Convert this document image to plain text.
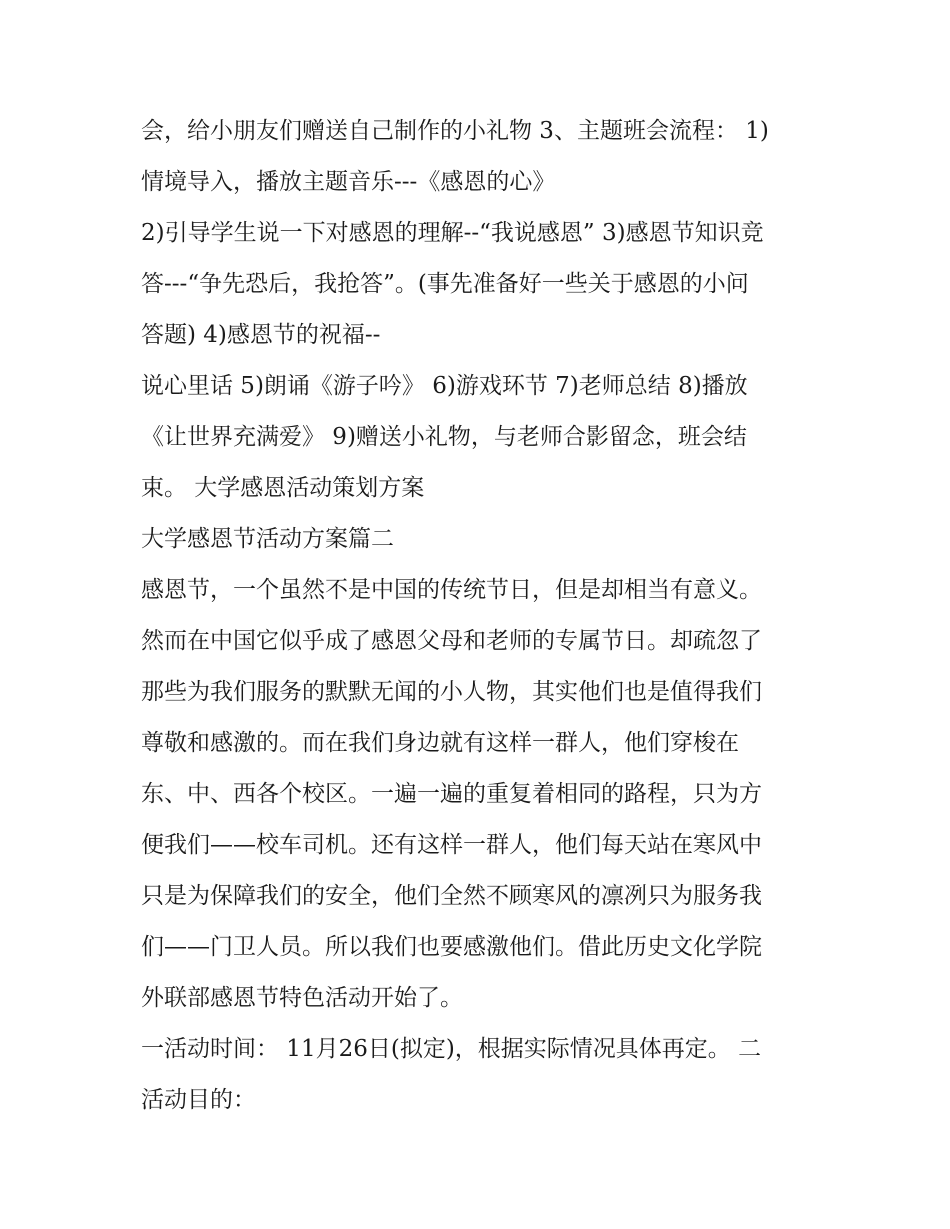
会，给小朋友们赠送自己制作的小礼物 3、主题班会流程： 1)
情境导入，播放主题音乐---《感恩的心》
2)引导学生说一下对感恩的理解--“我说感恩” 3)感恩节知识竞
答---“争先恐后，我抢答”。(事先准备好一些关于感恩的小问
答题) 4)感恩节的祝福--
说心里话 5)朗诵《游子吟》 6)游戏环节 7)老师总结 8)播放
《让世界充满爱》 9)赠送小礼物，与老师合影留念，班会结
束。 大学感恩活动策划方案
大学感恩节活动方案篇二
感恩节，一个虽然不是中国的传统节日，但是却相当有意义。
然而在中国它似乎成了感恩父母和老师的专属节日。却疏忽了
那些为我们服务的默默无闻的小人物，其实他们也是值得我们
尊敬和感激的。而在我们身边就有这样一群人，他们穿梭在
东、中、西各个校区。一遍一遍的重复着相同的路程，只为方
便我们——校车司机。还有这样一群人，他们每天站在寒风中
只是为保障我们的安全，他们全然不顾寒风的凛冽只为服务我
们——门卫人员。所以我们也要感激他们。借此历史文化学院
外联部感恩节特色活动开始了。
一活动时间： 11月26日(拟定)，根据实际情况具体再定。 二
活动目的：
